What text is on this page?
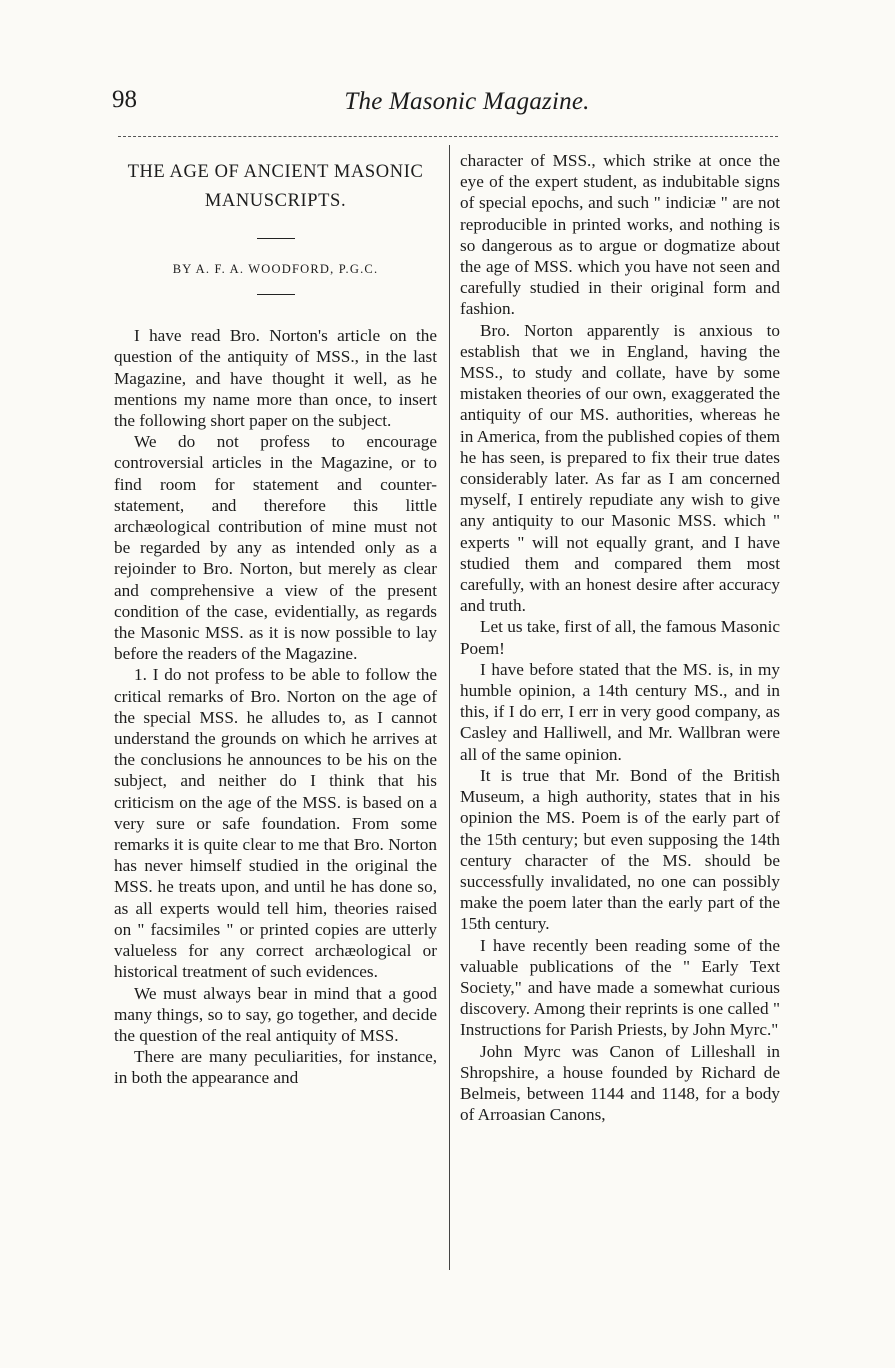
98	The Masonic Magazine.
THE AGE OF ANCIENT MASONIC MANUSCRIPTS.
BY A. F. A. WOODFORD, P.G.C.

I have read Bro. Norton's article on the question of the antiquity of MSS., in the last Magazine, and have thought it well, as he mentions my name more than once, to insert the following short paper on the subject.

We do not profess to encourage controversial articles in the Magazine, or to find room for statement and counter-statement, and therefore this little archæological contribution of mine must not be regarded by any as intended only as a rejoinder to Bro. Norton, but merely as clear and comprehensive a view of the present condition of the case, evidentially, as regards the Masonic MSS. as it is now possible to lay before the readers of the Magazine.

1. I do not profess to be able to follow the critical remarks of Bro. Norton on the age of the special MSS. he alludes to, as I cannot understand the grounds on which he arrives at the conclusions he announces to be his on the subject, and neither do I think that his criticism on the age of the MSS. is based on a very sure or safe foundation. From some remarks it is quite clear to me that Bro. Norton has never himself studied in the original the MSS. he treats upon, and until he has done so, as all experts would tell him, theories raised on " facsimiles " or printed copies are utterly valueless for any correct archæological or historical treatment of such evidences.

We must always bear in mind that a good many things, so to say, go together, and decide the question of the real antiquity of MSS.

There are many peculiarities, for instance, in both the appearance and

character of MSS., which strike at once the eye of the expert student, as indubitable signs of special epochs, and such " indiciæ " are not reproducible in printed works, and nothing is so dangerous as to argue or dogmatize about the age of MSS. which you have not seen and carefully studied in their original form and fashion.

Bro. Norton apparently is anxious to establish that we in England, having the MSS., to study and collate, have by some mistaken theories of our own, exaggerated the antiquity of our MS. authorities, whereas he in America, from the published copies of them he has seen, is prepared to fix their true dates considerably later. As far as I am concerned myself, I entirely repudiate any wish to give any antiquity to our Masonic MSS. which " experts " will not equally grant, and I have studied them and compared them most carefully, with an honest desire after accuracy and truth.

Let us take, first of all, the famous Masonic Poem!

I have before stated that the MS. is, in my humble opinion, a 14th century MS., and in this, if I do err, I err in very good company, as Casley and Halliwell, and Mr. Wallbran were all of the same opinion.

It is true that Mr. Bond of the British Museum, a high authority, states that in his opinion the MS. Poem is of the early part of the 15th century; but even supposing the 14th century character of the MS. should be successfully invalidated, no one can possibly make the poem later than the early part of the 15th century.

I have recently been reading some of the valuable publications of the " Early Text Society," and have made a somewhat curious discovery. Among their reprints is one called " Instructions for Parish Priests, by John Myrc."

John Myrc was Canon of Lilleshall in Shropshire, a house founded by Richard de Belmeis, between 1144 and 1148, for a body of Arroasian Canons,
